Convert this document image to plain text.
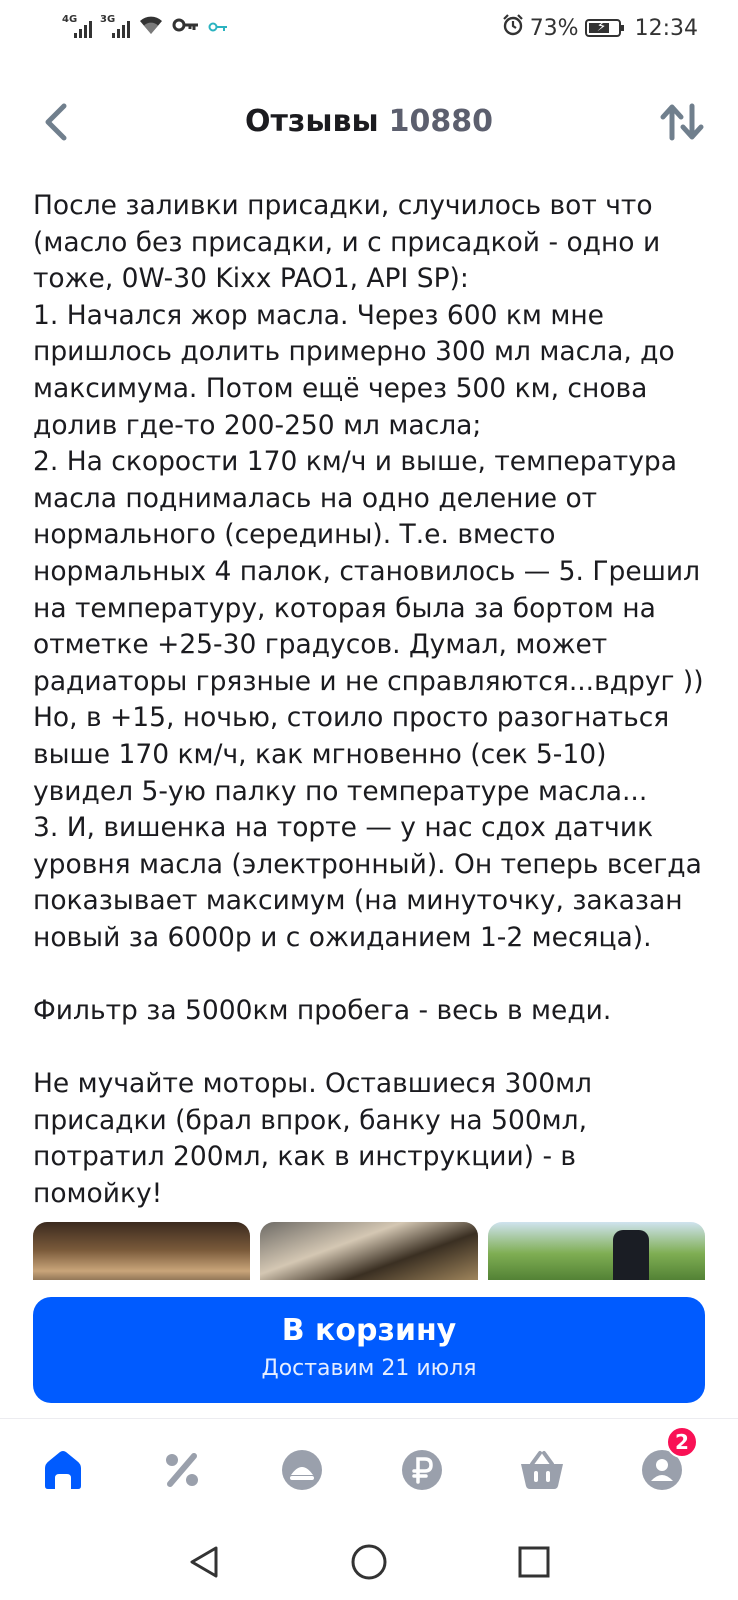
4G 3G	73% ⚡ 12:34
Отзывы 10880
После заливки присадки, случилось вот что (масло без присадки, и с присадкой - одно и тоже, 0W-30 Kixx PAO1, API SP):
1. Начался жор масла. Через 600 км мне пришлось долить примерно 300 мл масла, до максимума. Потом ещё через 500 км, снова долив где-то 200-250 мл масла;
2. На скорости 170 км/ч и выше, температура масла поднималась на одно деление от нормального (середины). Т.е. вместо нормальных 4 палок, становилось — 5. Грешил на температуру, которая была за бортом на отметке +25-30 градусов. Думал, может радиаторы грязные и не справляются...вдруг ))
Но, в +15, ночью, стоило просто разогнаться выше 170 км/ч, как мгновенно (сек 5-10) увидел 5-ую палку по температуре масла...
3. И, вишенка на торте — у нас сдох датчик уровня масла (электронный). Он теперь всегда показывает максимум (на минуточку, заказан новый за 6000р и с ожиданием 1-2 месяца).

Фильтр за 5000км пробега - весь в меди.

Не мучайте моторы. Оставшиеся 300мл присадки (брал впрок, банку на 500мл, потратил 200мл, как в инструкции) - в помойку!
В корзину
Доставим 21 июля
2
